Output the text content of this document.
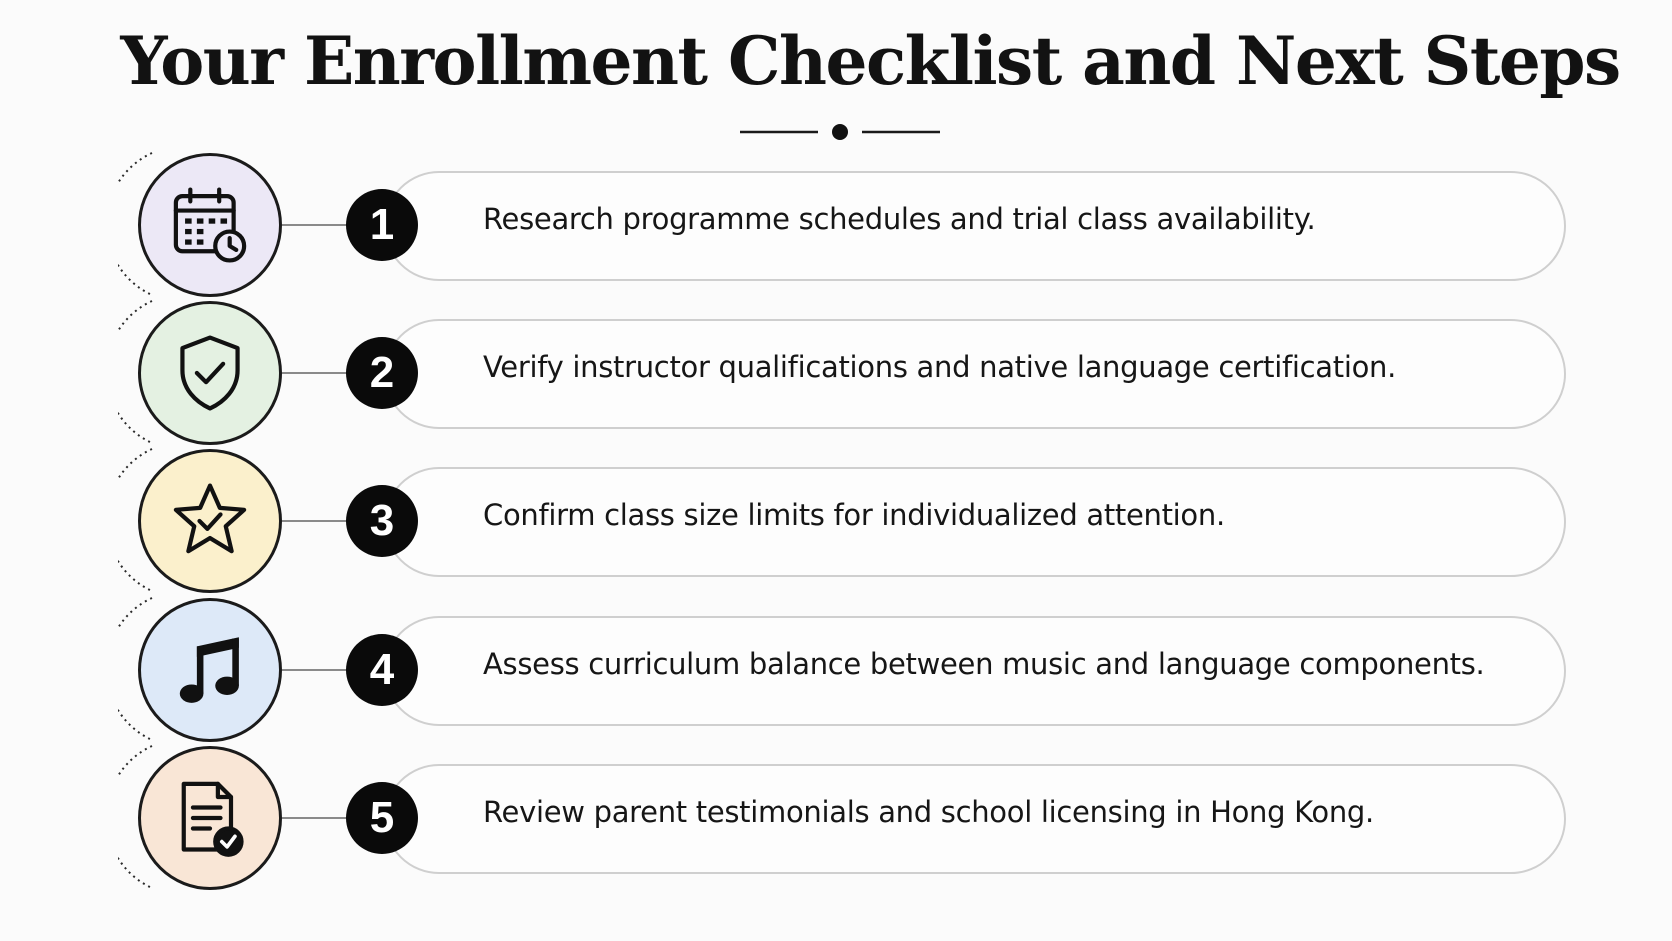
Your Enrollment Checklist and Next Steps
1	Research programme schedules and trial class availability.
2	Verify instructor qualifications and native language certification.
3	Confirm class size limits for individualized attention.
4	Assess curriculum balance between music and language components.
5	Review parent testimonials and school licensing in Hong Kong.
